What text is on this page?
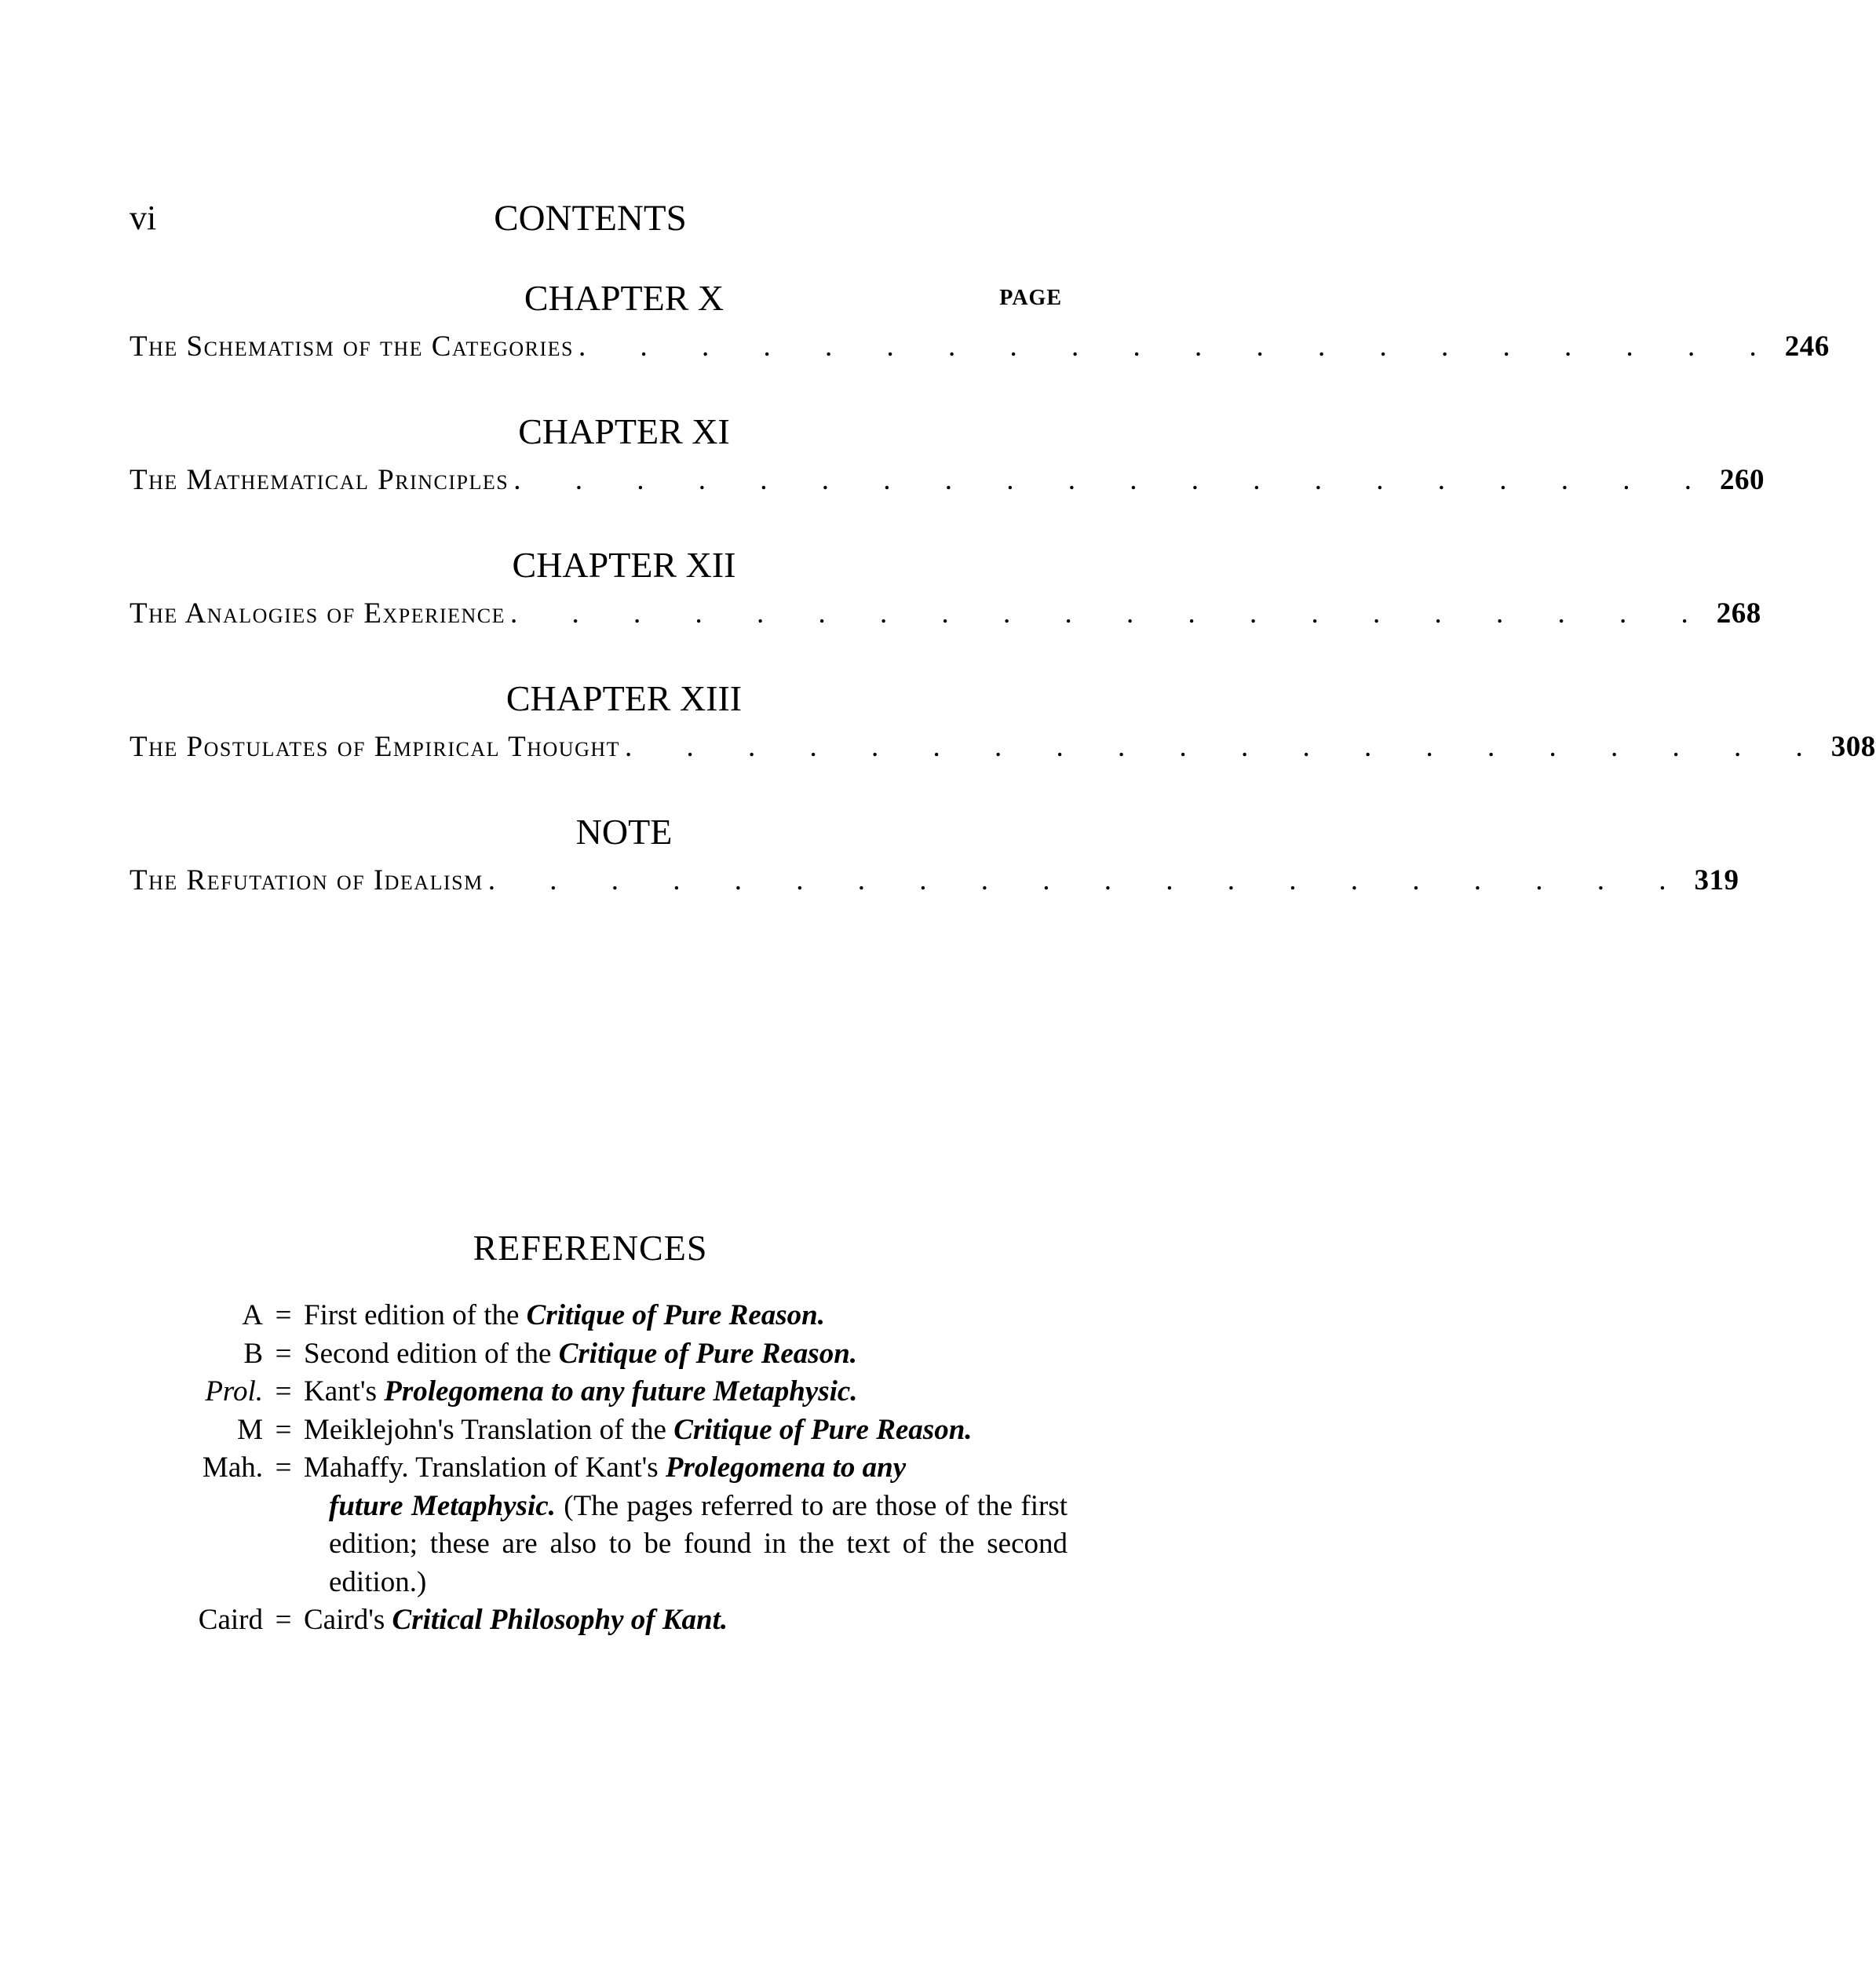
vi	CONTENTS
CHAPTER X	PAGE
The Schematism of the Categories . . . . . . . . . . . . . . . . . . . . 246
CHAPTER XI
The Mathematical Principles . . . . . . . . . . . . . . . . . . . . 260
CHAPTER XII
The Analogies of Experience . . . . . . . . . . . . . . . . . . . . 268
CHAPTER XIII
The Postulates of Empirical Thought . . . . . . . . . . . . . . . . . . . . 308
NOTE
The Refutation of Idealism . . . . . . . . . . . . . . . . . . . . 319
REFERENCES
A = First edition of the Critique of Pure Reason.
B = Second edition of the Critique of Pure Reason.
Prol. = Kant's Prolegomena to any future Metaphysic.
M = Meiklejohn's Translation of the Critique of Pure Reason.
Mah. = Mahaffy. Translation of Kant's Prolegomena to any
future Metaphysic. (The pages referred to are those of the first edition; these are also to be found in the text of the second edition.)
Caird = Caird's Critical Philosophy of Kant.
